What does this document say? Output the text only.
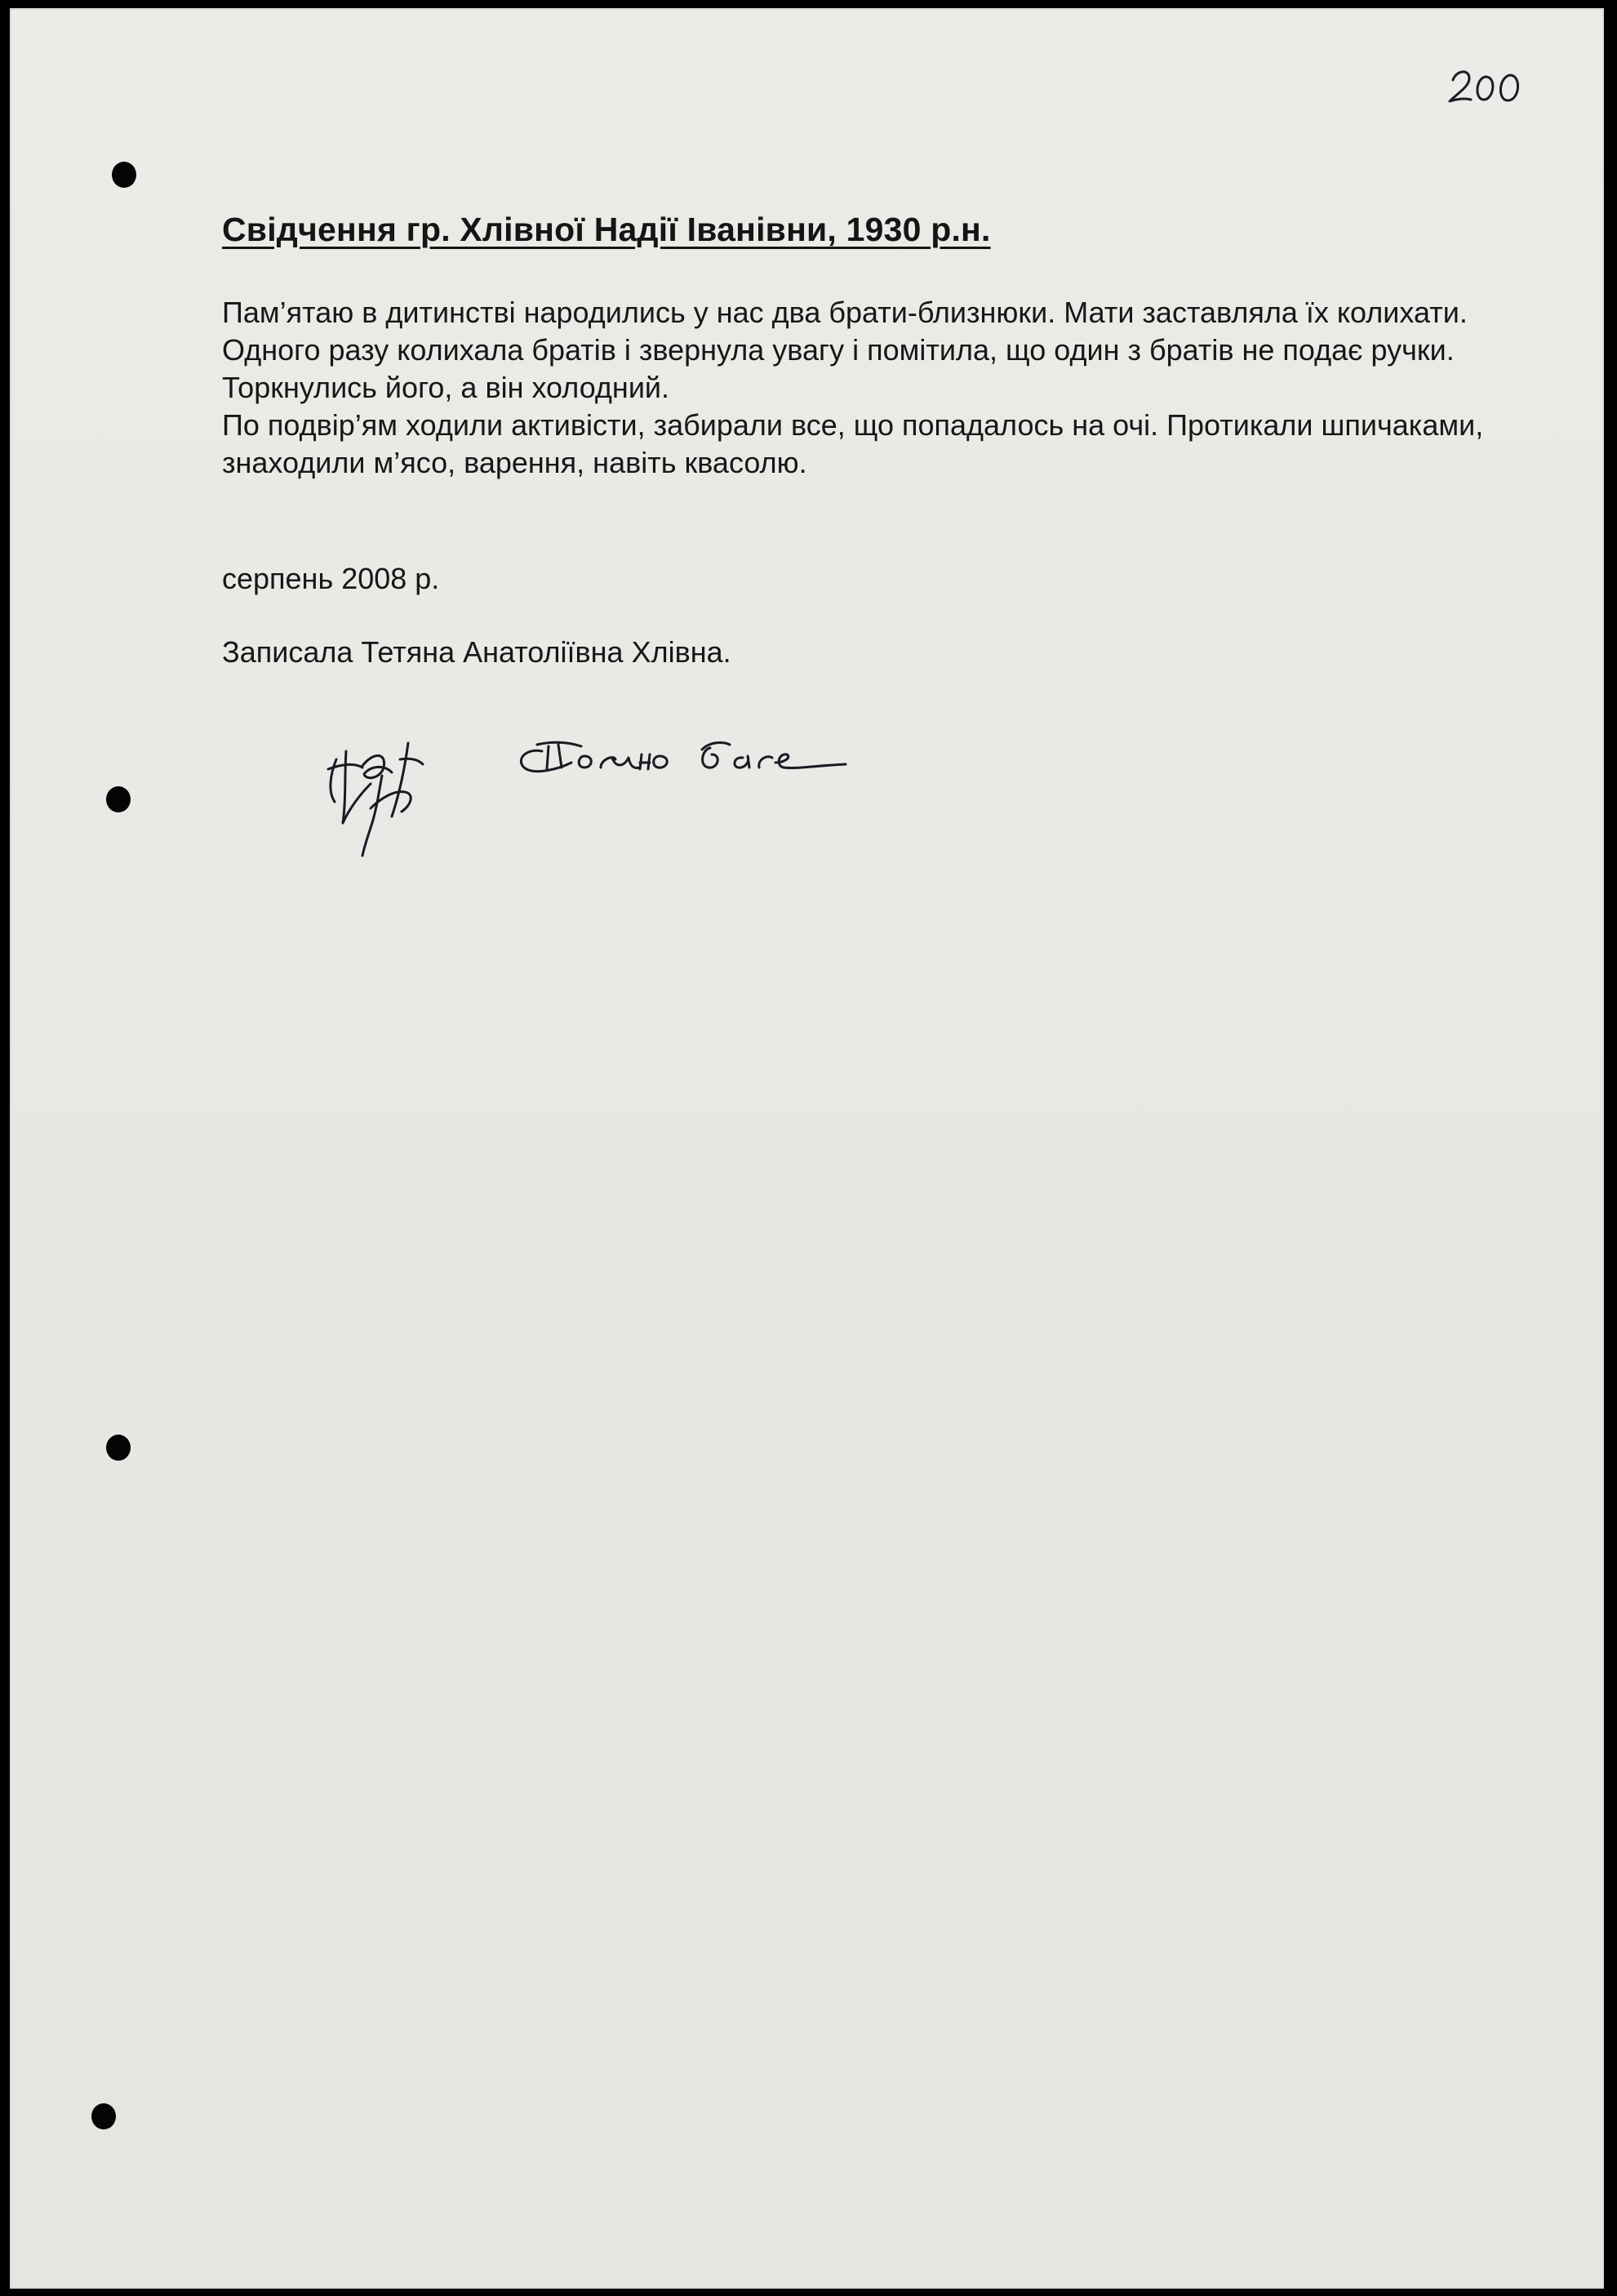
Свідчення гр. Хлівної Надії Іванівни, 1930 р.н.

Пам’ятаю в дитинстві народились у нас два брати-близнюки. Мати заставляла їх колихати. Одного разу колихала братів і звернула увагу і помітила, що один з братів не подає ручки. Торкнулись його, а він холодний.
По подвір’ям ходили активісти, забирали все, що попадалось на очі. Протикали шпичаками, знаходили м’ясо, варення, навіть квасолю.

серпень 2008 р.

Записала Тетяна Анатоліївна Хлівна.
